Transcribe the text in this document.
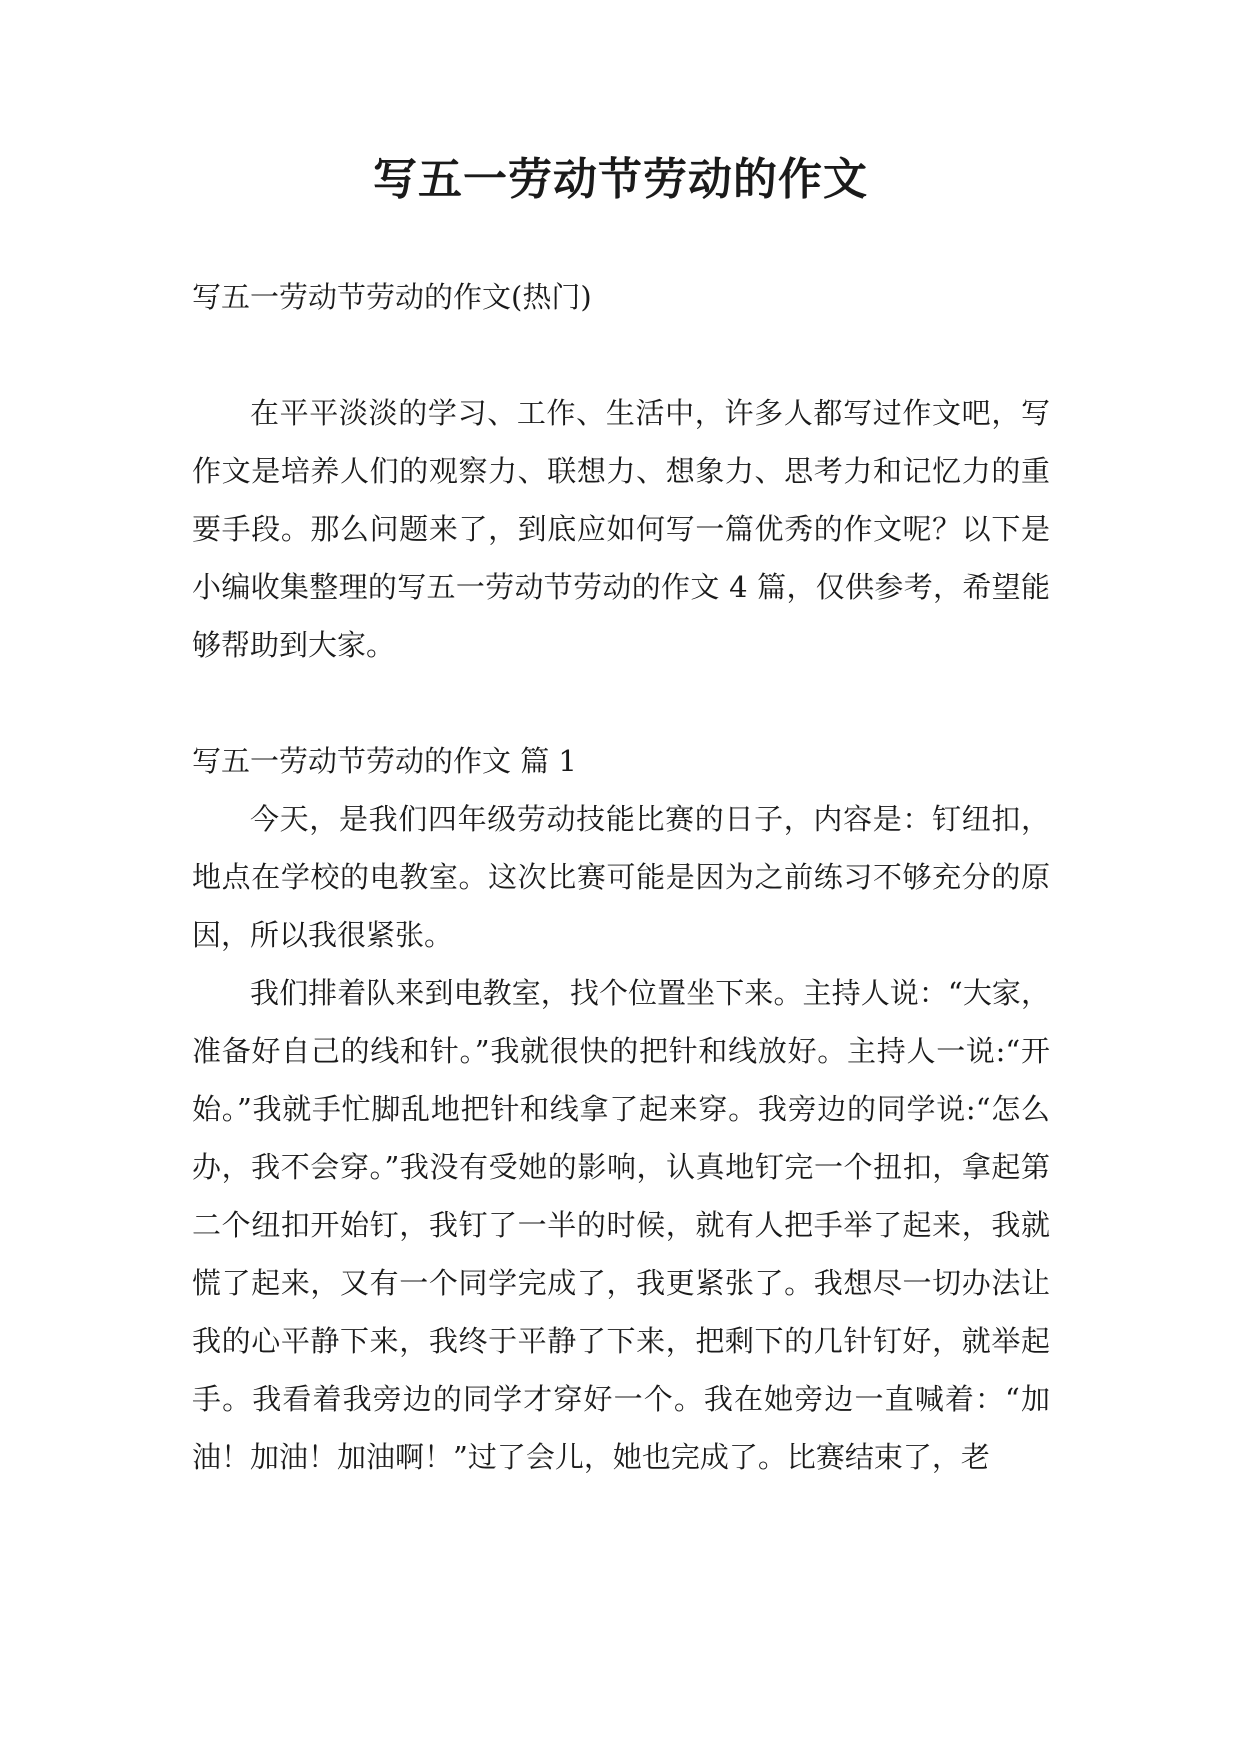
写五一劳动节劳动的作文

写五一劳动节劳动的作文(热门)

在平平淡淡的学习、工作、生活中，许多人都写过作文吧，写作文是培养人们的观察力、联想力、想象力、思考力和记忆力的重要手段。那么问题来了，到底应如何写一篇优秀的作文呢？以下是小编收集整理的写五一劳动节劳动的作文 4 篇，仅供参考，希望能够帮助到大家。

写五一劳动节劳动的作文 篇 1

今天，是我们四年级劳动技能比赛的日子，内容是：钉纽扣，地点在学校的电教室。这次比赛可能是因为之前练习不够充分的原因，所以我很紧张。

我们排着队来到电教室，找个位置坐下来。主持人说：“大家，准备好自己的线和针。”我就很快的把针和线放好。主持人一说:“开始。”我就手忙脚乱地把针和线拿了起来穿。我旁边的同学说:“怎么办，我不会穿。”我没有受她的影响，认真地钉完一个扭扣，拿起第二个纽扣开始钉，我钉了一半的时候，就有人把手举了起来，我就慌了起来，又有一个同学完成了，我更紧张了。我想尽一切办法让我的心平静下来，我终于平静了下来，把剩下的几针钉好，就举起手。我看着我旁边的同学才穿好一个。我在她旁边一直喊着：“加油！加油！加油啊！”过了会儿，她也完成了。比赛结束了，老
